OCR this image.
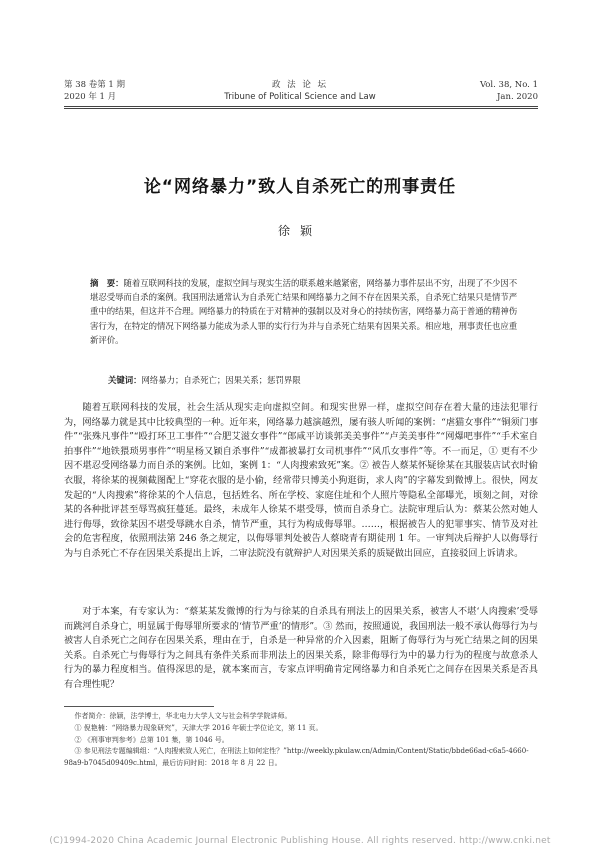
第 38 卷第 1 期
2020 年 1 月
政 法 论 坛
Tribune of Political Science and Law
Vol. 38, No. 1
Jan. 2020
论“网络暴力”致人自杀死亡的刑事责任
徐颖
摘　要：随着互联网科技的发展，虚拟空间与现实生活的联系越来越紧密，网络暴力事件层出不穷，出现了不少因不堪忍受辱而自杀的案例。我国刑法通常认为自杀死亡结果和网络暴力之间不存在因果关系，自杀死亡结果只是情节严重中的结果，但这并不合理。网络暴力的特质在于对精神的强制以及对身心的持续伤害，网络暴力高于普通的精神伤害行为，在特定的情况下网络暴力能成为杀人罪的实行行为并与自杀死亡结果有因果关系。相应地，刑事责任也应重新评价。
关键词：网络暴力；自杀死亡；因果关系；惩罚界限
随着互联网科技的发展，社会生活从现实走向虚拟空间。和现实世界一样，虚拟空间存在着大量的违法犯罪行为，网络暴力就是其中比较典型的一种。近年来，网络暴力越演越烈，屡有骇人听闻的案例：“虐猫女事件”“铜须门事件”“张殊凡事件”“殴打环卫工事件”“合肥艾滋女事件”“郎咸平访谈郭美美事件”“卢美美事件”“网爆吧事件”“手术室自拍事件”“地铁猥琐男事件”“明星杨又颖自杀事件”“成都被暴打女司机事件”“风爪女事件”等。不一而足，① 更有不少因不堪忍受网络暴力而自杀的案例。比如，案例 1：“人肉搜索致死”案。② 被告人蔡某怀疑徐某在其服装店试衣时偷衣服，将徐某的视频截图配上“穿花衣服的是小偷，经常带只博美小狗逛街，求人肉”的字幕发到微博上。很快，网友发起的“人肉搜索”将徐某的个人信息，包括姓名、所在学校、家庭住址和个人照片等隐私全部曝光，顷刻之间，对徐某的各种批评甚至辱骂疯狂蔓延。最终，未成年人徐某不堪受辱，愤而自杀身亡。法院审理后认为：蔡某公然对她人进行侮辱，致徐某因不堪受辱跳水自杀，情节严重，其行为构成侮辱罪。……，根据被告人的犯罪事实、情节及对社会的危害程度，依照刑法第 246 条之规定，以侮辱罪判处被告人蔡晓青有期徒刑 1 年。一审判决后辩护人以侮辱行为与自杀死亡不存在因果关系提出上诉，二审法院没有就辩护人对因果关系的质疑做出回应，直接驳回上诉请求。
对于本案，有专家认为：“蔡某某发微博的行为与徐某的自杀具有刑法上的因果关系，被害人不堪‘人肉搜索’受辱而跳河自杀身亡，明显属于侮辱罪所要求的‘情节严重’的情形”。③ 然而，按照通说，我国刑法一般不承认侮辱行为与被害人自杀死亡之间存在因果关系，理由在于，自杀是一种异常的介入因素，阻断了侮辱行为与死亡结果之间的因果关系。自杀死亡与侮辱行为之间具有条件关系而非刑法上的因果关系，除非侮辱行为中的暴力行为的程度与故意杀人行为的暴力程度相当。值得深思的是，就本案而言，专家点评明确肯定网络暴力和自杀死亡之间存在因果关系是否具有合理性呢？
作者简介：徐颖，法学博士，华北电力大学人文与社会科学学院讲师。
① 倪艳楠：“网络暴力现象研究”，天津大学 2016 年硕士学位论文，第 11 页。
② 《刑事审判参考》总第 101 集，第 1046 号。
③ 参见刑法专题编辑组：“人肉搜索致人死亡，在刑法上如何定性？”http://weekly.pkulaw.cn/Admin/Content/Static/bbde66ad-c6a5-4660-98a9-b7045d09409c.html，最后访问时间：2018 年 8 月 22 日。
(C)1994-2020 China Academic Journal Electronic Publishing House. All rights reserved. http://www.cnki.net
